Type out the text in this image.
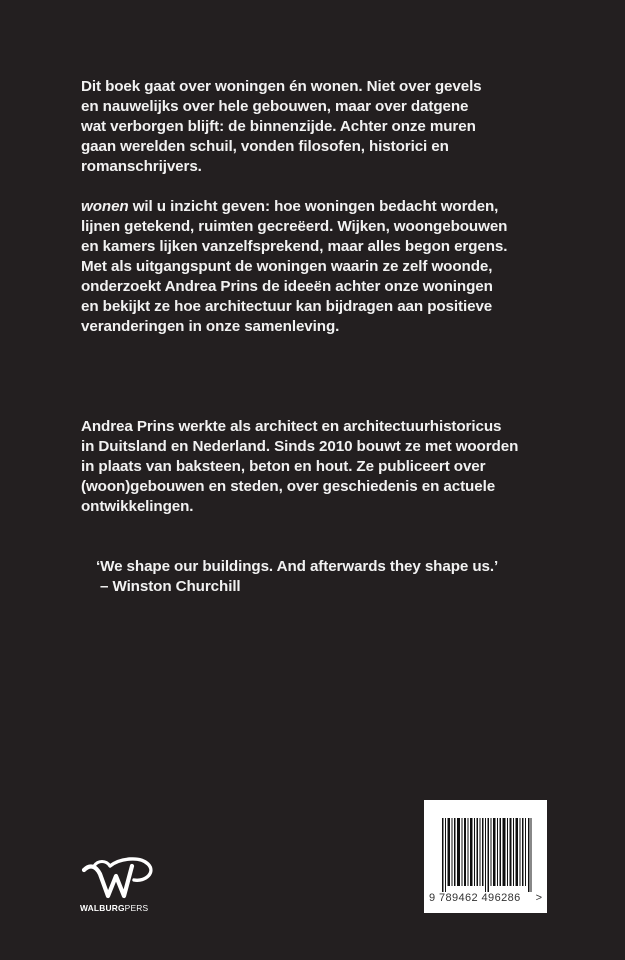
Dit boek gaat over woningen én wonen. Niet over gevels
en nauwelijks over hele gebouwen, maar over datgene
wat verborgen blijft: de binnenzijde. Achter onze muren
gaan werelden schuil, vonden filosofen, historici en
romanschrijvers.
wonen wil u inzicht geven: hoe woningen bedacht worden,
lijnen getekend, ruimten gecreëerd. Wijken, woongebouwen
en kamers lijken vanzelfsprekend, maar alles begon ergens.
Met als uitgangspunt de woningen waarin ze zelf woonde,
onderzoekt Andrea Prins de ideeën achter onze woningen
en bekijkt ze hoe architectuur kan bijdragen aan positieve
veranderingen in onze samenleving.
Andrea Prins werkte als architect en architectuurhistoricus
in Duitsland en Nederland. Sinds 2010 bouwt ze met woorden
in plaats van baksteen, beton en hout. Ze publiceert over
(woon)gebouwen en steden, over geschiedenis en actuele
ontwikkelingen.
‘We shape our buildings. And afterwards they shape us.’
– Winston Churchill
WALBURGPERS
9 789462 496286 >
